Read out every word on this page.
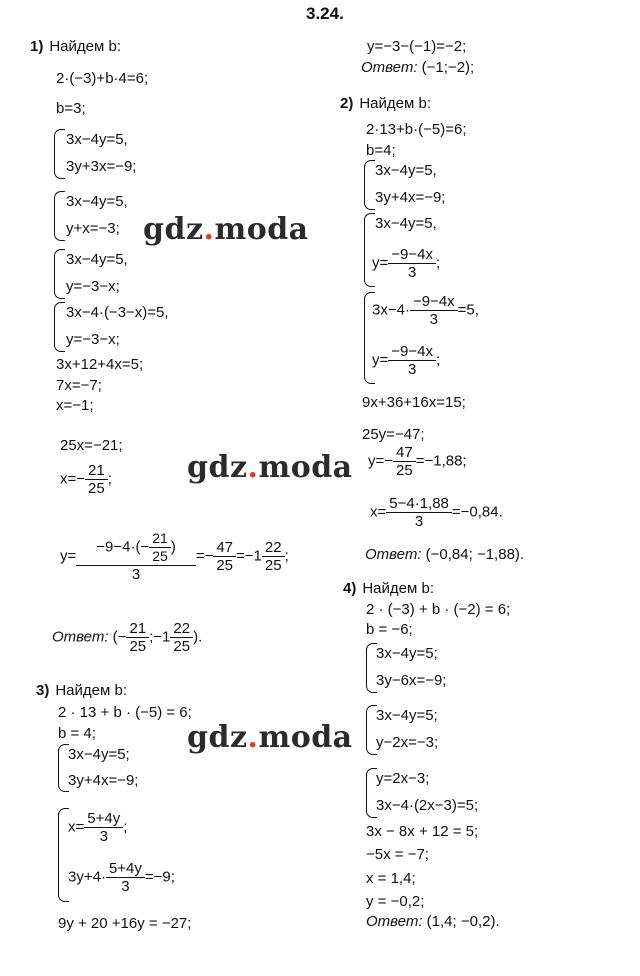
3.24.
1) Найдем b:
2·(−3)+b·4=6;
b=3;
3x−4y=5,
3y+3x=−9;
3x−4y=5,
y+x=−3;
3x−4y=5,
y=−3−x;
3x−4·(−3−x)=5,
y=−3−x;
3x+12+4x=5;
7x=−7;
x=−1;
25x=−21;
$x=- \frac{21}{25}$ ;
$y= \frac{-9-4\cdot(- \frac{21}{25} )}{3} =- \frac{47}{25} =-1 \frac{22}{25}$ ;
Ответ: (− $\frac{21}{25}$ ;−1 $\frac{22}{25}$ ).
y=−3−(−1)=−2;
Ответ: (−1;−2);
2) Найдем b:
2·13+b·(−5)=6;
b=4;
3x−4y=5,
3y+4x=−9;
3x−4y=5,
$y= \frac{-9-4x}{3}$ ;
$3x-4\cdot \frac{-9-4x}{3} =5$,
$y= \frac{-9-4x}{3}$ ;
9x+36+16x=15;
25y=−47;
$y=- \frac{47}{25} =-1,88$;
$x= \frac{5-4\cdot 1,88}{3} =-0,84$.
Ответ: (−0,84; −1,88).
3) Найдем b:
2 · 13 + b · (−5) = 6;
b = 4;
3x−4y=5;
3y+4x=−9;
$x= \frac{5+4y}{3}$ ;
$3y+4\cdot \frac{5+4y}{3} =-9$;
9y + 20 +16y = −27;
4) Найдем b:
2 · (−3) + b · (−2) = 6;
b = −6;
3x−4y=5;
3y−6x=−9;
3x−4y=5;
y−2x=−3;
y=2x−3;
3x−4·(2x−3)=5;
3x − 8x + 12 = 5;
−5x = −7;
x = 1,4;
y = −0,2;
Ответ: (1,4; −0,2).
gdz.moda
gdz.moda
gdz.moda
